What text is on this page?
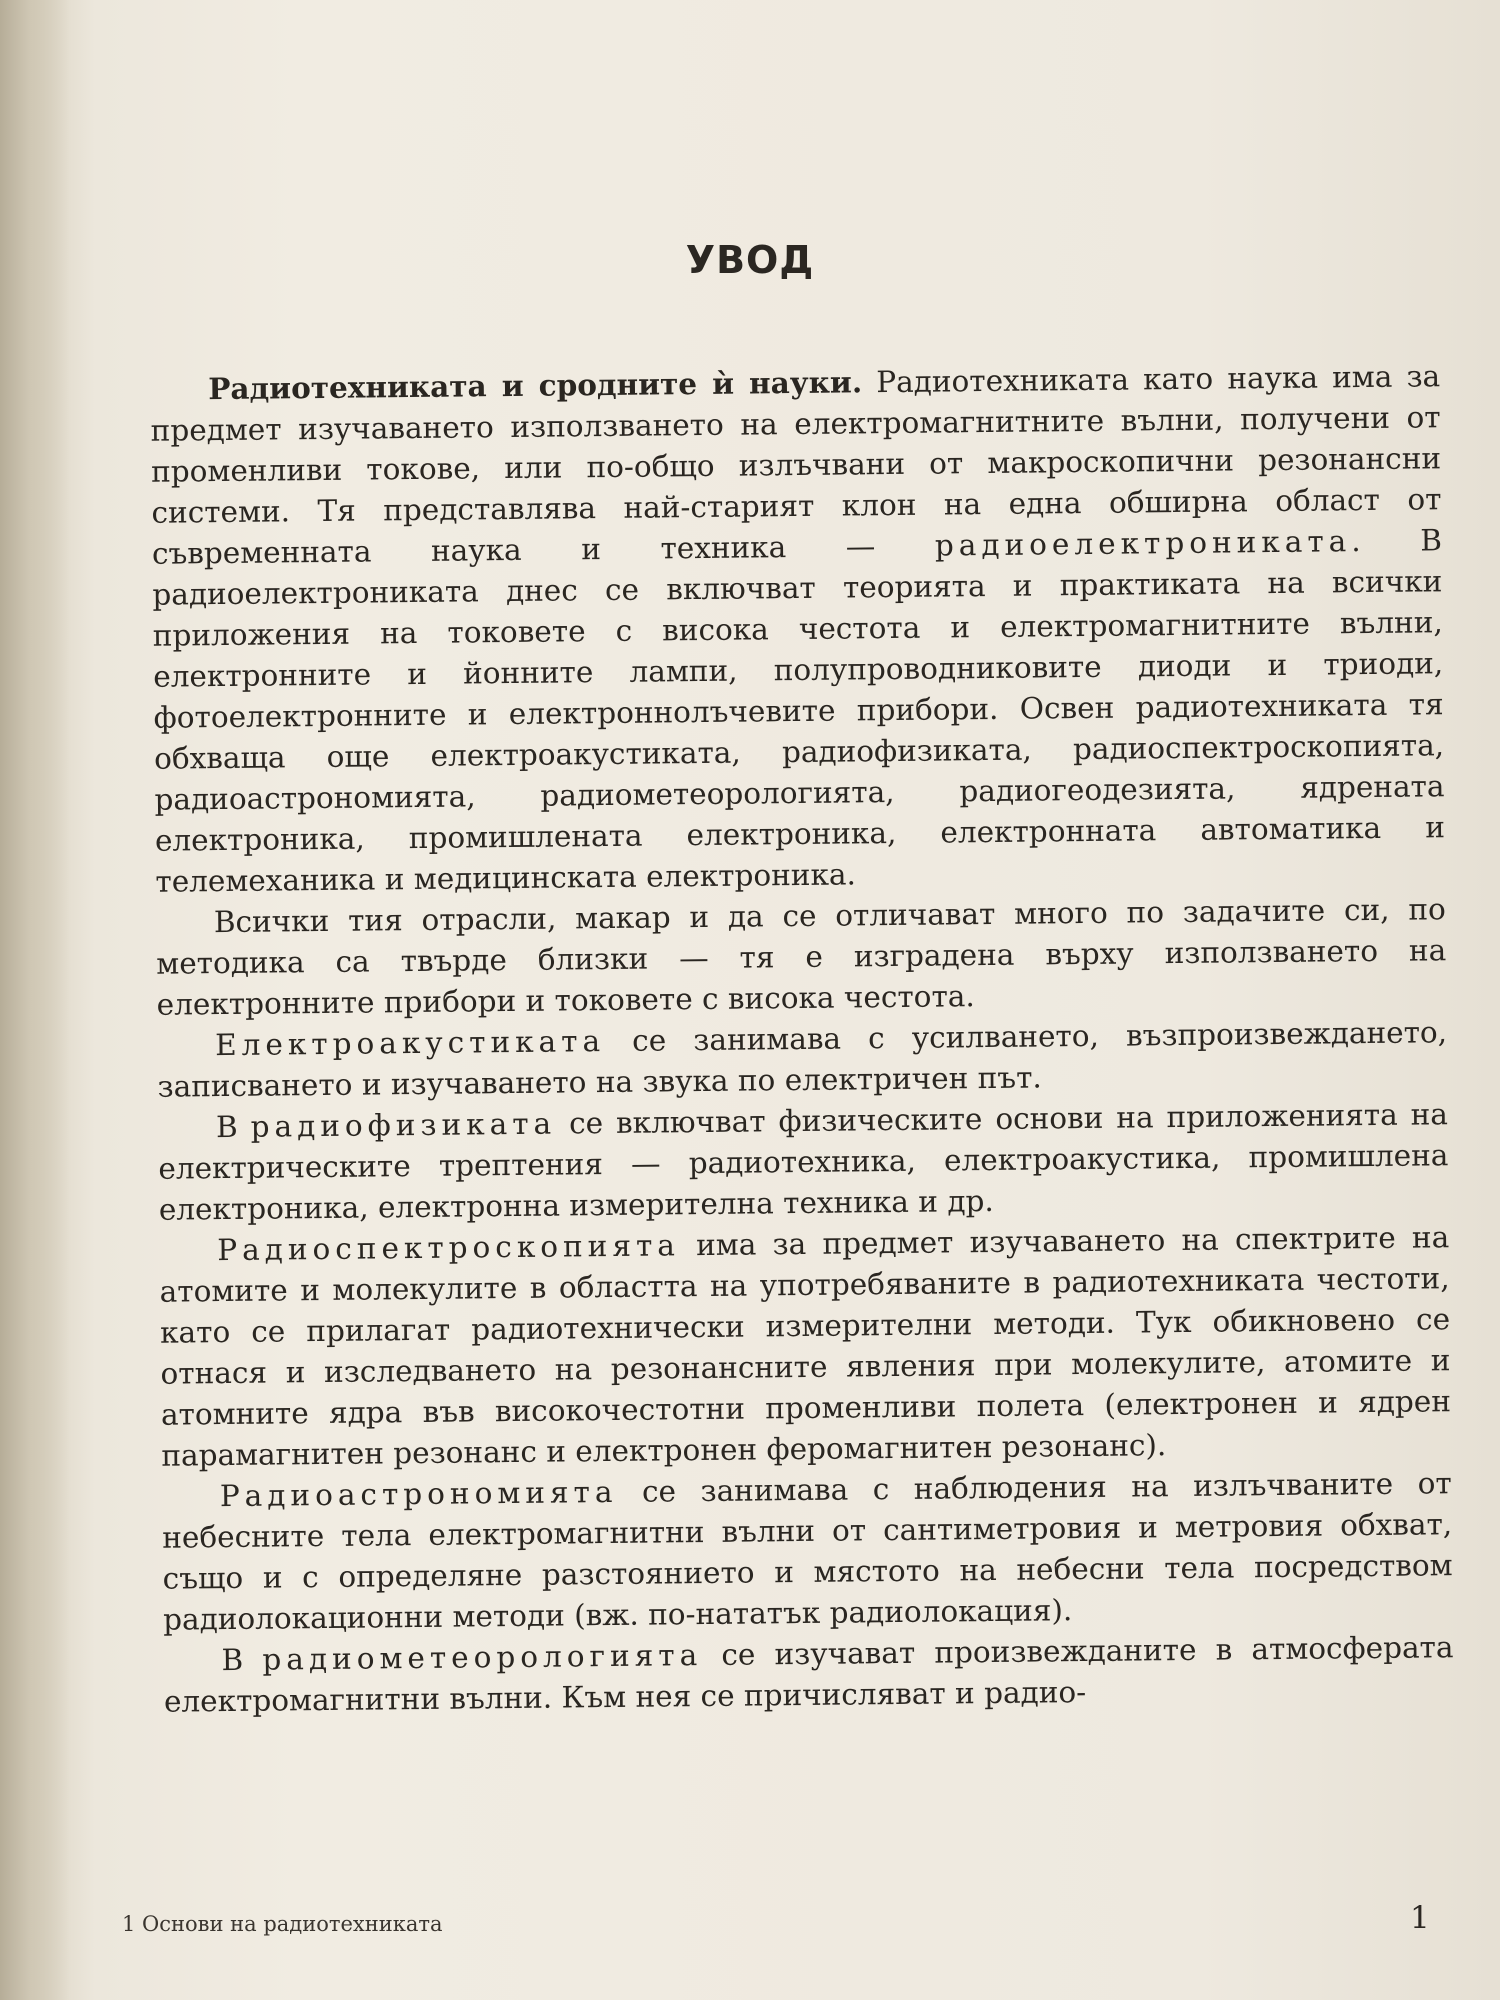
УВОД

Радиотехниката и сродните ѝ науки. Радиотехниката като наука има за предмет изучаването използването на електромагнитните вълни, получени от променливи токове, или по-общо излъчвани от макроскопични резонансни системи. Тя представлява най-старият клон на една обширна област от съвременната наука и техника — радиоелектрониката. В радиоелектрониката днес се включват теорията и практиката на всички приложения на токовете с висока честота и електромагнитните вълни, електронните и йонните лампи, полупроводниковите диоди и триоди, фотоелектронните и електроннолъчевите прибори. Освен радиотехниката тя обхваща още електроакустиката, радиофизиката, радиоспектроскопията, радиоастрономията, радиометеорологията, радиогеодезията, ядрената електроника, промишлената електроника, електронната автоматика и телемеханика и медицинската електроника.

Всички тия отрасли, макар и да се отличават много по задачите си, по методика са твърде близки — тя е изградена върху използването на електронните прибори и токовете с висока честота.

Електроакустиката се занимава с усилването, възпроизвеждането, записването и изучаването на звука по електричен път.

В радиофизиката се включват физическите основи на приложенията на електрическите трептения — радиотехника, електроакустика, промишлена електроника, електронна измерителна техника и др.

Радиоспектроскопията има за предмет изучаването на спектрите на атомите и молекулите в областта на употребяваните в радиотехниката честоти, като се прилагат радиотехнически измерителни методи. Тук обикновено се отнася и изследването на резонансните явления при молекулите, атомите и атомните ядра във високочестотни променливи полета (електронен и ядрен парамагнитен резонанс и електронен феромагнитен резонанс).

Радиоастрономията се занимава с наблюдения на излъчваните от небесните тела електромагнитни вълни от сантиметровия и метровия обхват, също и с определяне разстоянието и мястото на небесни тела посредством радиолокационни методи (вж. по-нататък радиолокация).

В радиометеорологията се изучават произвежданите в атмосферата електромагнитни вълни. Към нея се причисляват и радио-

1 Основи на радиотехниката	1
